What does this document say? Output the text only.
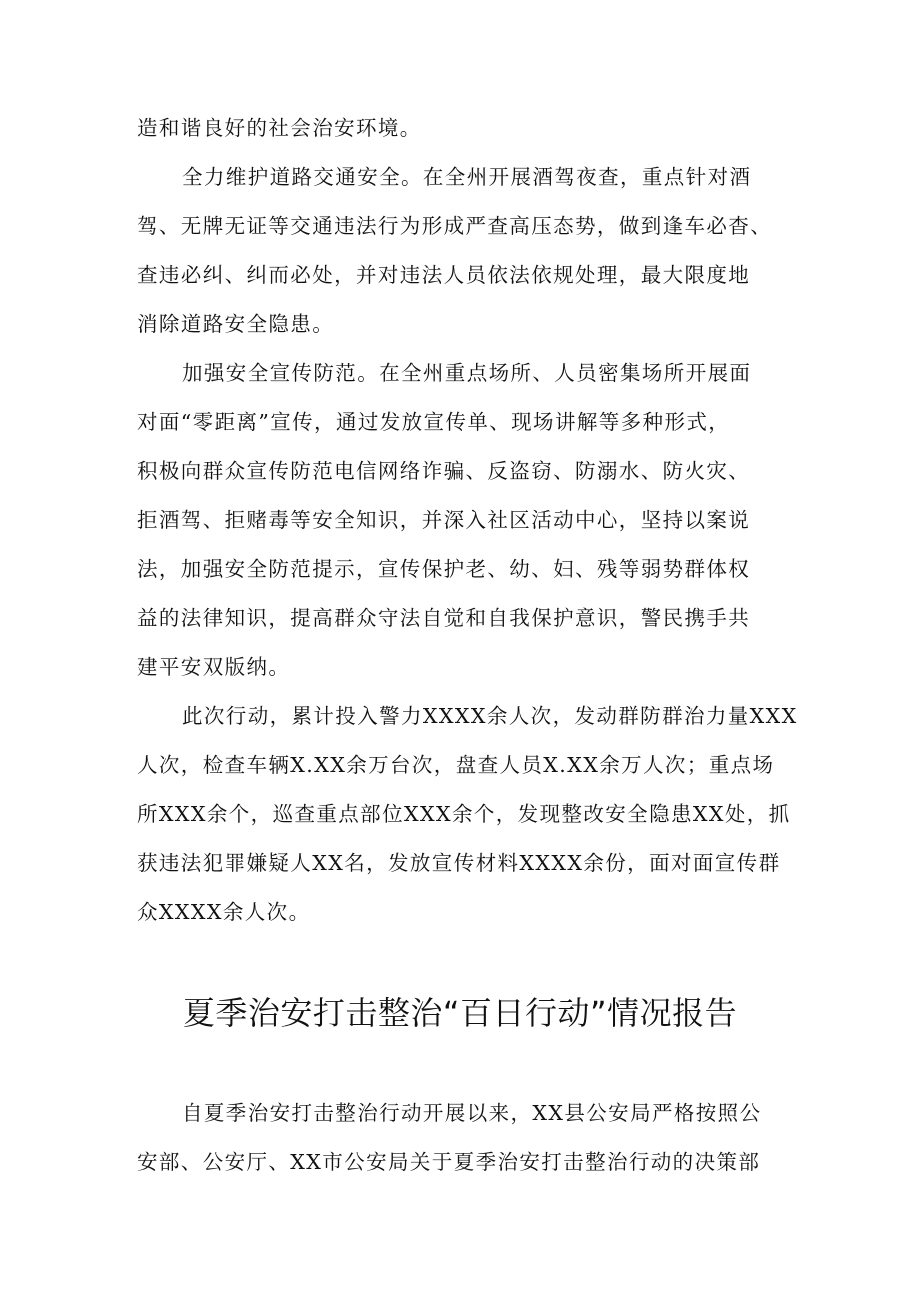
造和谐良好的社会治安环境。
全力维护道路交通安全。在全州开展酒驾夜查，重点针对酒
驾、无牌无证等交通违法行为形成严查高压态势，做到逢车必杳、
查违必纠、纠而必处，并对违法人员依法依规处理，最大限度地
消除道路安全隐患。
加强安全宣传防范。在全州重点场所、人员密集场所开展面
对面“零距离”宣传，通过发放宣传单、现场讲解等多种形式，
积极向群众宣传防范电信网络诈骗、反盗窃、防溺水、防火灾、
拒酒驾、拒赌毒等安全知识，并深入社区活动中心，坚持以案说
法，加强安全防范提示，宣传保护老、幼、妇、残等弱势群体权
益的法律知识，提高群众守法自觉和自我保护意识，警民携手共
建平安双版纳。
此次行动，累计投入警力XXXX余人次，发动群防群治力量XXX
人次，检查车辆X.XX余万台次，盘查人员X.XX余万人次；重点场
所XXX余个，巡查重点部位XXX余个，发现整改安全隐患XX处，抓
获违法犯罪嫌疑人XX名，发放宣传材料XXXX余份，面对面宣传群
众XXXX余人次。
夏季治安打击整治“百日行动”情况报告
自夏季治安打击整治行动开展以来，XX县公安局严格按照公
安部、公安厅、XX市公安局关于夏季治安打击整治行动的决策部
